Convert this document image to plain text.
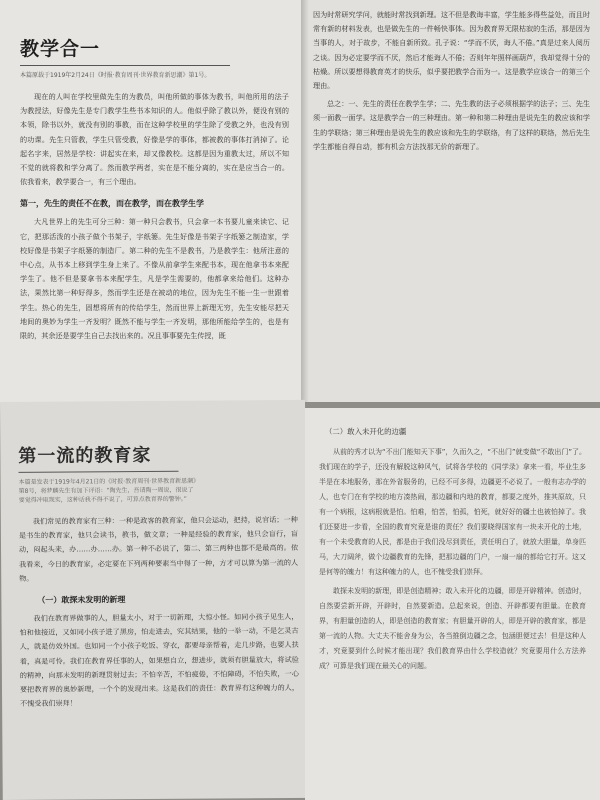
教学合一
本篇原载于1919年2月24日《时报·教育周刊·世界教育新思潮》第1号。

现在的人叫在学校里做先生的为教员，叫他所做的事体为教书，叫他所用的法子为教授法，好像先生是专门教学生些书本知识的人。他似乎除了教以外，便没有别的本领，除书以外，就没有别的事教，而在这种学校里的学生除了受教之外，也没有别的功课。先生只管教，学生只管受教，好像是学的事体，都被教的事体打消掉了。论起名字来，居然是学校：讲起实在来，却又像教校。这都是因为重教太过，所以不知不觉的就将教和学分离了。然而教学两者，实在是不能分离的，实在是应当合一的。依我看来，教学要合一，有三个理由。

第一，先生的责任不在教，而在教学，而在教学生学

大凡世界上的先生可分三种：第一种只会教书，只会拿一本书要儿童来读它、记它，把那活泼的小孩子做个书架子，字纸篓。先生好像是书架子字纸篓之制造家，学校好像是书架子字纸篓的制造厂。第二种的先生不是教书，乃是教学生：他所注意的中心点，从书本上移到学生身上来了。不像从前拿学生来配书本，现在他拿书本来配学生了。他不但是要拿书本来配学生，凡是学生需要的，他都拿来给他们。这种办法，果然比第一种好得多，然而学生还是在被动的地位，因为先生不能一生一世跟着学生。热心的先生，固想将所有的传给学生，然而世界上新理无穷，先生安能尽把天地间的奥妙为学生一齐发明？既然不能与学生一齐发明，那他所能给学生的，也是有限的，其余还是要学生自己去找出来的。况且事事要先生传授，既

因为时常研究学问，就能时常找到新理。这不但是教诲丰富，学生能多得些益处，而且时常有新的材料发表，也是做先生的一件畅快事体。因为教育界无限枯寂的生活，那是因为当事的人，对于故步，不能自新所致。孔子说：“学而不厌，诲人不倦。”真是过来人阅历之谈。因为必定要学而不厌，然后才能诲人不倦；否则年年照样画葫芦，我却觉得十分的枯燥。所以要想得教育英才的快乐，似乎要把教学合而为一。这是教学应该合一的第三个理由。

总之：一、先生的责任在教学生学；二、先生教的法子必须根据学的法子；三、先生须一面教一面学。这是教学合一的三种理由。第一种和第二种理由是说先生的教应该和学生的学联络；第三种理由是说先生的教应该和先生的学联络，有了这样的联络，然后先生学生都能自得自动，都有机会方法找那无价的新理了。

第一流的教育家
本篇是发表于1919年4月21日的《时报·教育周刊·世界教育新思潮》第8号，将梦麟先生有加下评语：“陶先生，吾请陶一周说，很说了要觉得冲取现实，这种话我不得不说了，可算点教育界的警钟。”

我们常见的教育家有三种：一种是政客的教育家，他只会运动，把持，说官话；一种是书生的教育家，他只会读书，教书，做文章；一种是经验的教育家，他只会盲行，盲动，闷起头来，办……办……办。第一种不必说了，第二、第三两种也都不是最高的。依我看来，今日的教育家，必定要在下列两种要素当中得了一种，方才可以算为第一流的人物。

（一）敢探未发明的新理

我们在教育界做事的人，胆量太小，对于一切新理，大惊小怪。如同小孩子见生人，怕和他接近，又如同小孩子进了黑房，怕走进去，究其结果，他的一举一动，不是乞灵古人，就是仿效外国。也如同一个小孩子吃饭、穿衣，都要母亲帮着，走几步路，也要人扶着，真是可怜。我们在教育界任事的人，如果想自立，想进步，就须有胆量放大，将试验的精神，向那未发明的新理贯射过去；不怕辛苦，不怕疲倦，不怕障碍，不怕失败，一心要把教育界的奥妙新理，一个个的发现出来。这是我们的责任：教育界有这种魄力的人，不愧受我们崇拜！

（二）敢入未开化的边疆

从前的秀才以为“不出门能知天下事”，久而久之，“不出门”就变做“不敢出门”了。我们现在的学子，还没有解脱这种风气，试将各学校的《同学录》拿来一看，毕业生多半是在本地服务，那在外省服务的，已经不可多得，边疆更不必说了。一般有志办学的人，也专门在有学校的地方凑热闹，那边疆和内地的教育，都要之度外，推其原故，只有一个病根，这病根就是怕。怕难，怕苦，怕孤，怕死，就好好的疆土也被怕掉了。我们还要进一步看，全国的教育究竟是谁的责任？我们要晓得国家有一块未开化的土地，有一个未受教育的人民，都是由于我们没尽到责任，责任明白了，就放大胆量，单身匹马，大刀阔斧，做个边疆教育的先锋，把那边疆的门户，一扇一扇的都给它打开。这又是何等的魄力！有这种魄力的人，也不愧受我们崇拜。

敢探未发明的新理，即是创造精神；敢入未开化的边疆，即是开辟精神。创造时，自然要尝新开辟，开辟时，自然要新造。总起来说，创造、开辟都要有胆量。在教育界，有胆量创造的人，即是创造的教育家；有胆量开辟的人，即是开辟的教育家，都是第一流的人物。大丈夫不能舍身为公，各当推倒边疆之念，包涵胆便过去！但是这种人才，究竟要到什么时候才能出现？我们教育界由什么学校造就？究竟要用什么方法养成？可算是我们现在最关心的问题。
